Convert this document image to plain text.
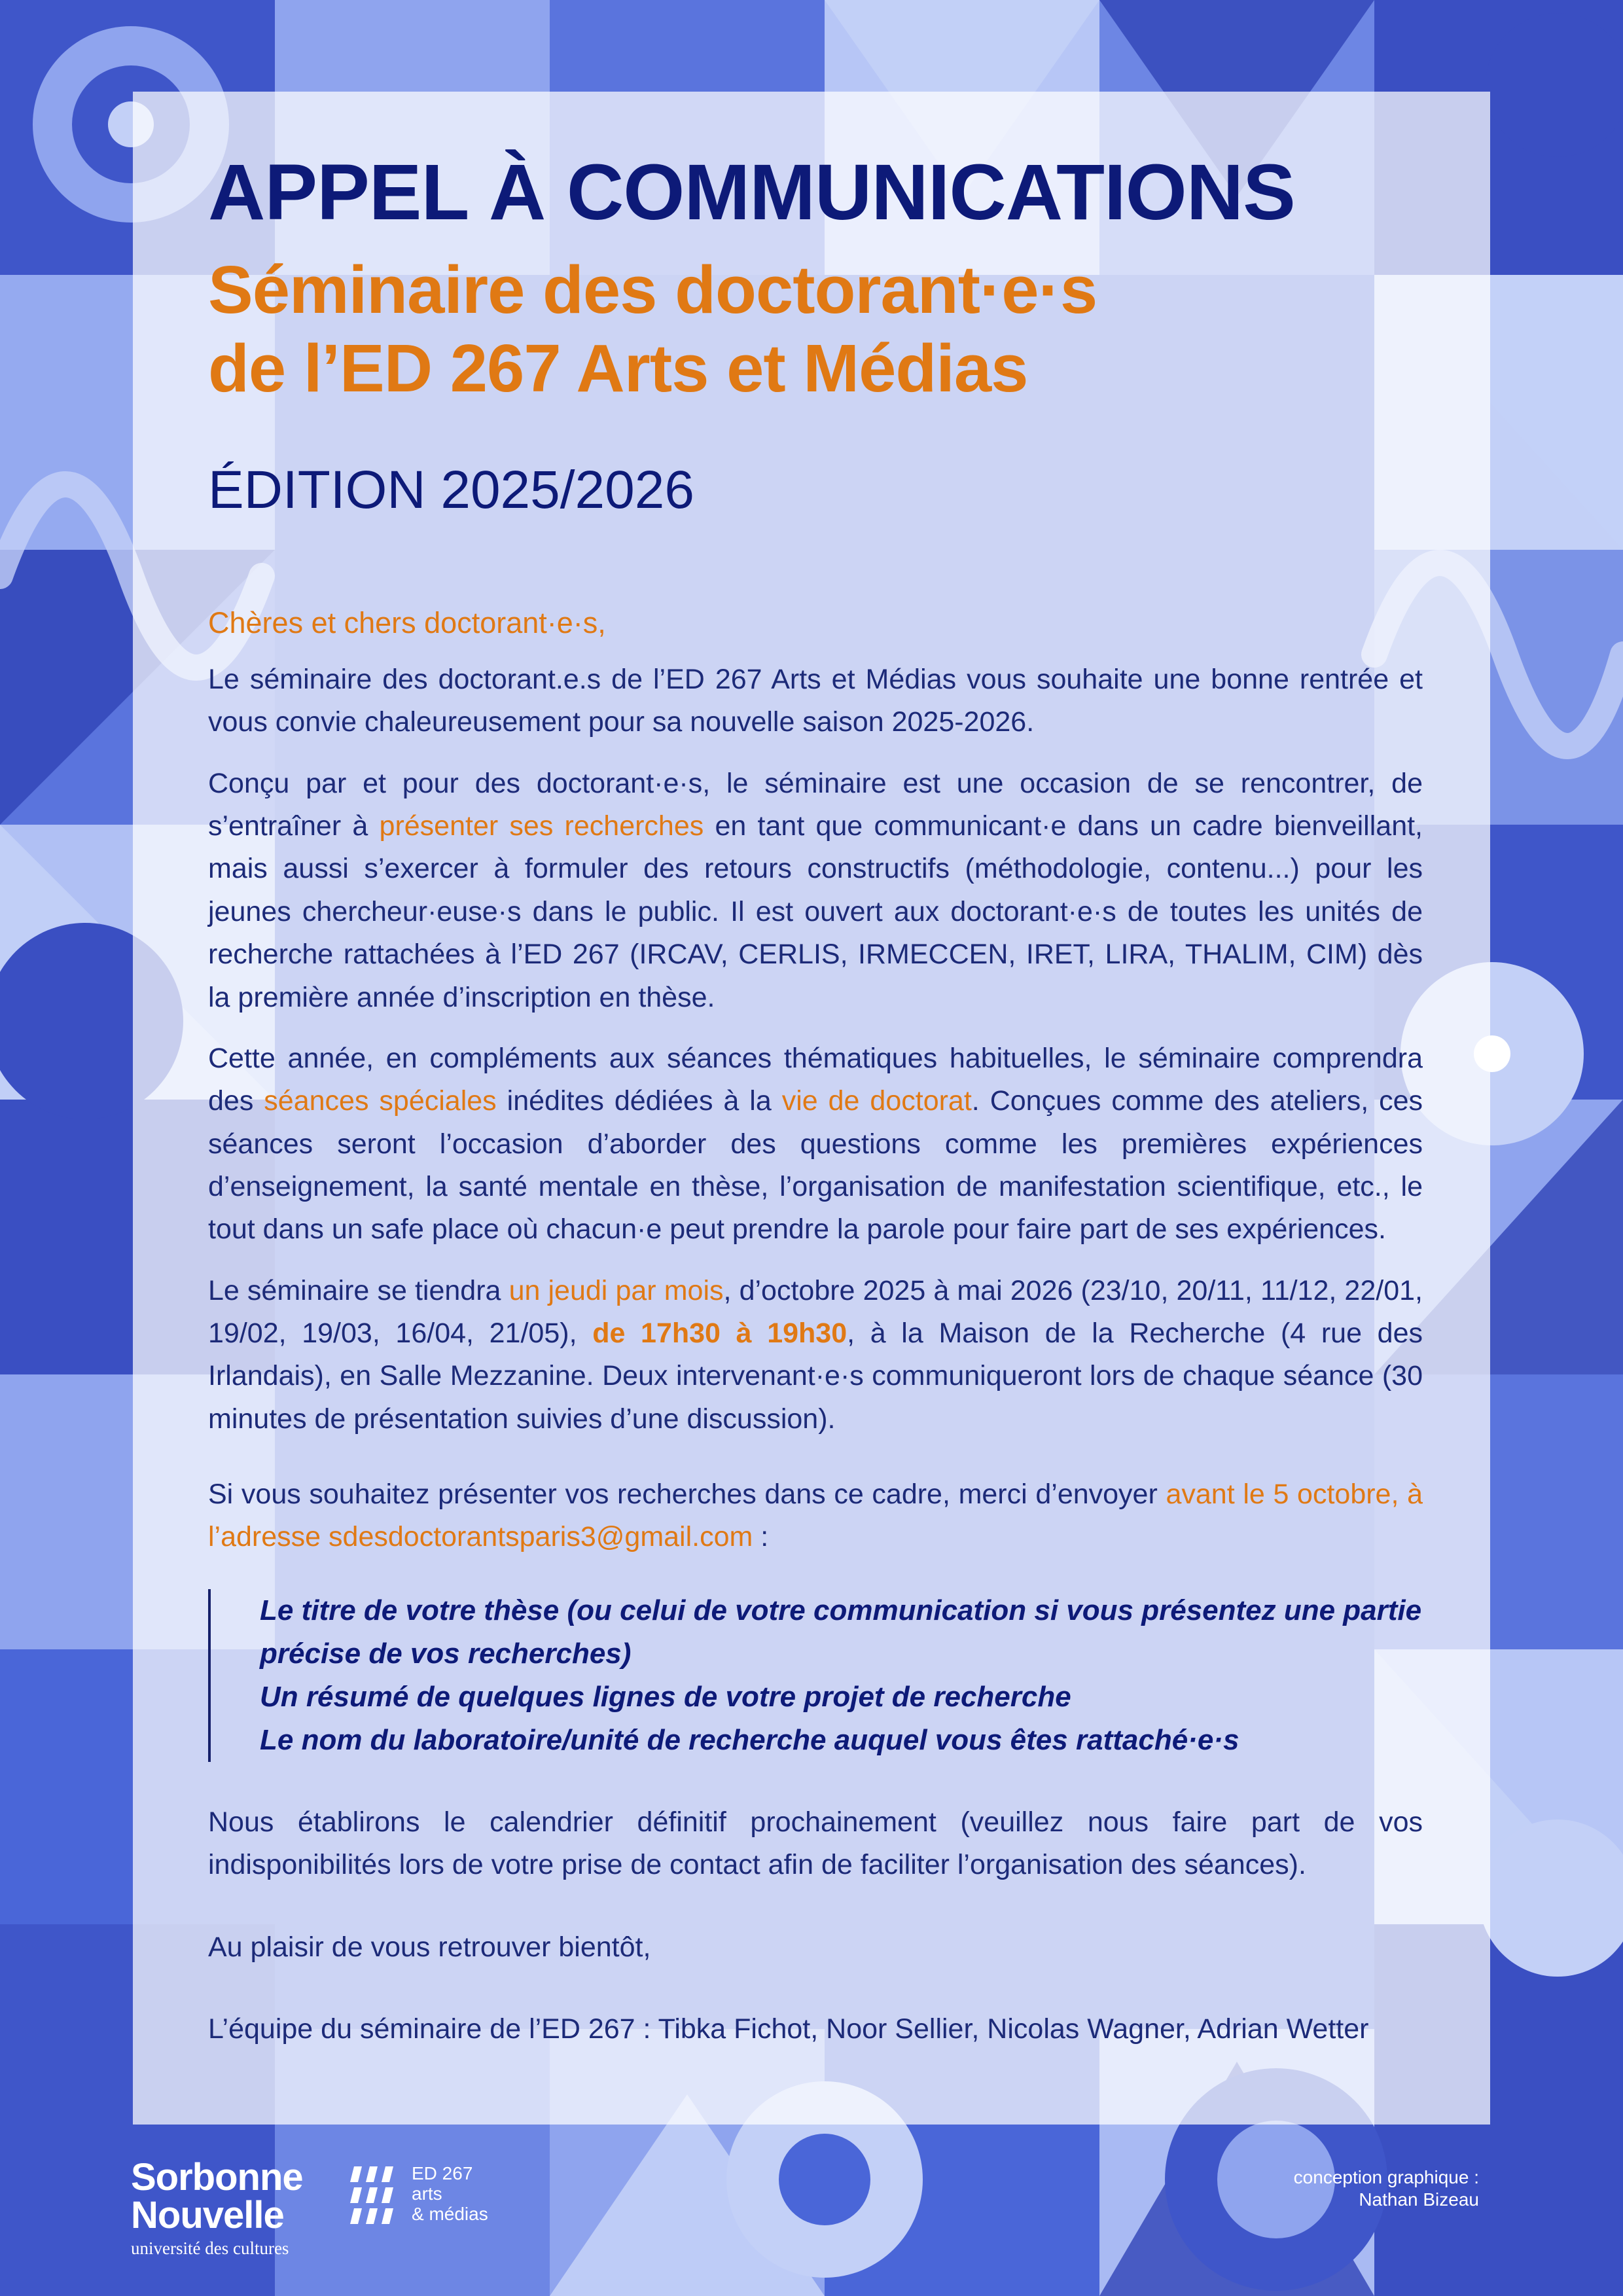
APPEL À COMMUNICATIONS
Séminaire des doctorant·e·s
de l’ED 267 Arts et Médias
ÉDITION 2025/2026
Chères et chers doctorant·e·s,

Le séminaire des doctorant.e.s de l’ED 267 Arts et Médias vous souhaite une bonne rentrée et vous convie chaleureusement pour sa nouvelle saison 2025-2026.

Conçu par et pour des doctorant·e·s, le séminaire est une occasion de se rencontrer, de s’entraîner à présenter ses recherches en tant que communicant·e dans un cadre bienveillant, mais aussi s’exercer à formuler des retours constructifs (méthodologie, contenu...) pour les jeunes chercheur·euse·s dans le public. Il est ouvert aux doctorant·e·s de toutes les unités de recherche rattachées à l’ED 267 (IRCAV, CERLIS, IRMECCEN, IRET, LIRA, THALIM, CIM) dès la première année d’inscription en thèse.

Cette année, en compléments aux séances thématiques habituelles, le séminaire comprendra des séances spéciales inédites dédiées à la vie de doctorat. Conçues comme des ateliers, ces séances seront l’occasion d’aborder des questions comme les premières expériences d’enseignement, la santé mentale en thèse, l’organisation de manifestation scientifique, etc., le tout dans un safe place où chacun·e peut prendre la parole pour faire part de ses expériences.

Le séminaire se tiendra un jeudi par mois, d’octobre 2025 à mai 2026 (23/10, 20/11, 11/12, 22/01, 19/02, 19/03, 16/04, 21/05), de 17h30 à 19h30, à la Maison de la Recherche (4 rue des Irlandais), en Salle Mezzanine. Deux intervenant·e·s communiqueront lors de chaque séance (30 minutes de présentation suivies d’une discussion).

Si vous souhaitez présenter vos recherches dans ce cadre, merci d’envoyer avant le 5 octobre, à l’adresse sdesdoctorantsparis3@gmail.com :

Le titre de votre thèse (ou celui de votre communication si vous présentez une partie précise de vos recherches)
Un résumé de quelques lignes de votre projet de recherche
Le nom du laboratoire/unité de recherche auquel vous êtes rattaché·e·s

Nous établirons le calendrier définitif prochainement (veuillez nous faire part de vos indisponibilités lors de votre prise de contact afin de faciliter l’organisation des séances).

Au plaisir de vous retrouver bientôt,
L’équipe du séminaire de l’ED 267 : Tibka Fichot, Noor Sellier, Nicolas Wagner, Adrian Wetter
Sorbonne
Nouvelle
université des cultures
ED 267
arts
& médias
conception graphique :
Nathan Bizeau
